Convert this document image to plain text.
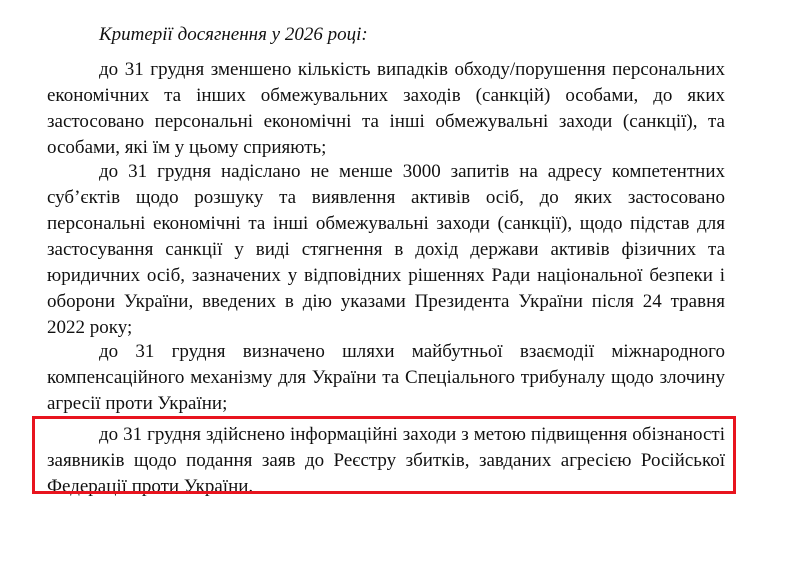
Критерії досягнення у 2026 році:

до 31 грудня зменшено кількість випадків обходу/порушення персональних економічних та інших обмежувальних заходів (санкцій) особами, до яких застосовано персональні економічні та інші обмежувальні заходи (санкції), та особами, які їм у цьому сприяють;

до 31 грудня надіслано не менше 3000 запитів на адресу компетентних суб’єктів щодо розшуку та виявлення активів осіб, до яких застосовано персональні економічні та інші обмежувальні заходи (санкції), щодо підстав для застосування санкції у виді стягнення в дохід держави активів фізичних та юридичних осіб, зазначених у відповідних рішеннях Ради національної безпеки і оборони України, введених в дію указами Президента України після 24 травня 2022 року;

до 31 грудня визначено шляхи майбутньої взаємодії міжнародного компенсаційного механізму для України та Спеціального трибуналу щодо злочину агресії проти України;

до 31 грудня здійснено інформаційні заходи з метою підвищення обізнаності заявників щодо подання заяв до Реєстру збитків, завданих агресією Російської Федерації проти України.
